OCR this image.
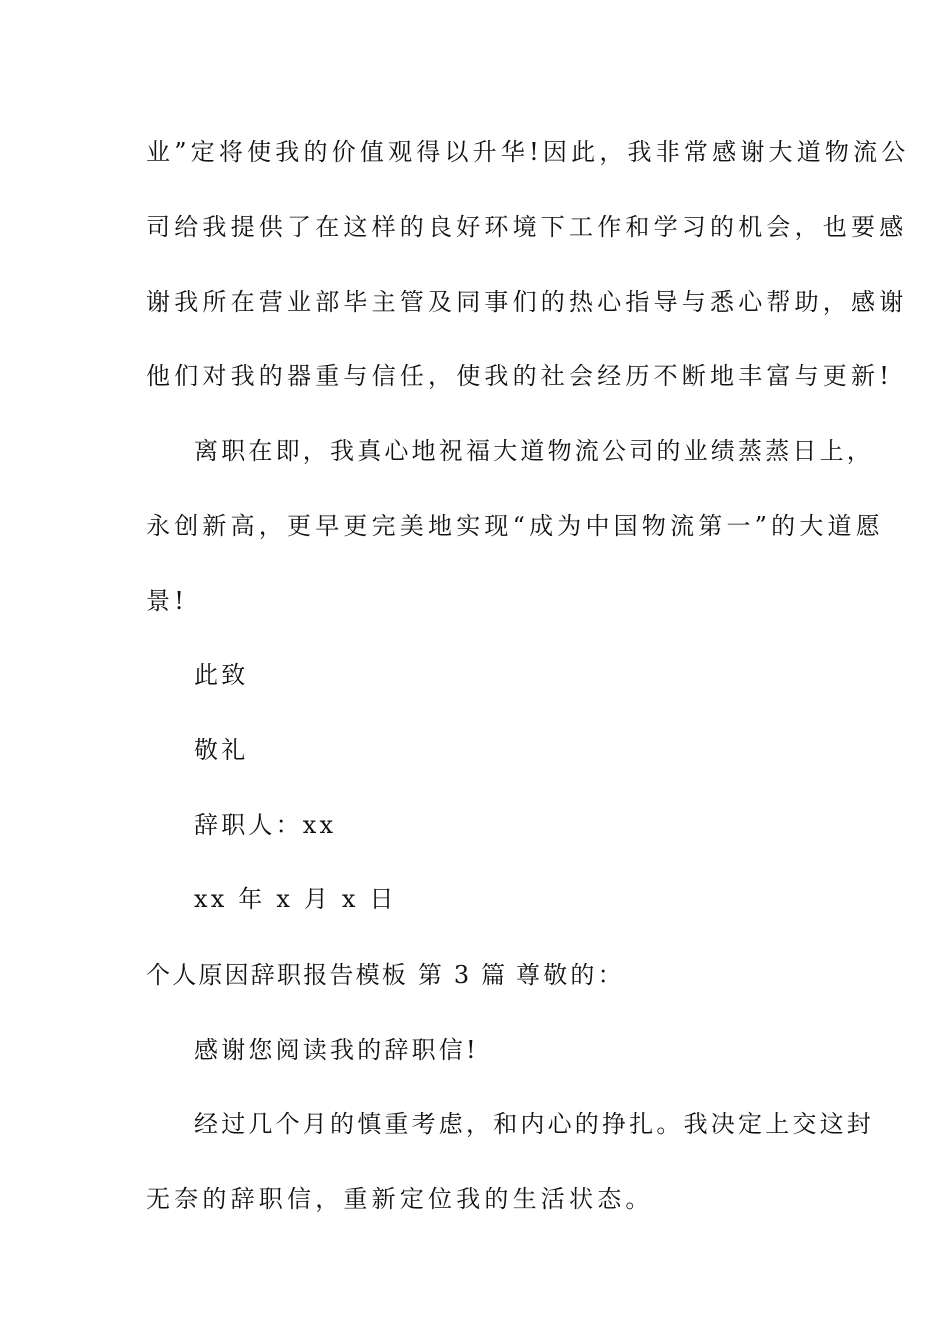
业”定将使我的价值观得以升华!因此，我非常感谢大道物流公
司给我提供了在这样的良好环境下工作和学习的机会，也要感
谢我所在营业部毕主管及同事们的热心指导与悉心帮助，感谢
他们对我的器重与信任，使我的社会经历不断地丰富与更新!
离职在即，我真心地祝福大道物流公司的业绩蒸蒸日上，
永创新高，更早更完美地实现“成为中国物流第一”的大道愿
景!
此致
敬礼
辞职人：xx
xx 年 x 月 x 日
个人原因辞职报告模板 第 3 篇 尊敬的：
感谢您阅读我的辞职信!
经过几个月的慎重考虑，和内心的挣扎。我决定上交这封
无奈的辞职信，重新定位我的生活状态。
